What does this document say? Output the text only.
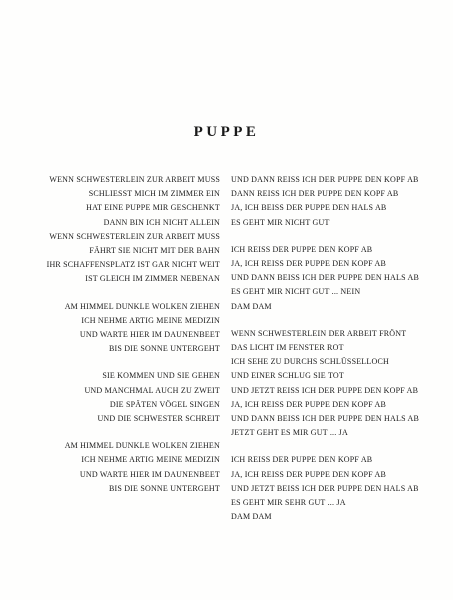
PUPPE
WENN SCHWESTERLEIN ZUR ARBEIT MUSS
SCHLIESST MICH IM ZIMMER EIN
HAT EINE PUPPE MIR GESCHENKT
DANN BIN ICH NICHT ALLEIN
WENN SCHWESTERLEIN ZUR ARBEIT MUSS
FÄHRT SIE NICHT MIT DER BAHN
IHR SCHAFFENSPLATZ IST GAR NICHT WEIT
IST GLEICH IM ZIMMER NEBENAN
AM HIMMEL DUNKLE WOLKEN ZIEHEN
ICH NEHME ARTIG MEINE MEDIZIN
UND WARTE HIER IM DAUNENBEET
BIS DIE SONNE UNTERGEHT
SIE KOMMEN UND SIE GEHEN
UND MANCHMAL AUCH ZU ZWEIT
DIE SPÄTEN VÖGEL SINGEN
UND DIE SCHWESTER SCHREIT
AM HIMMEL DUNKLE WOLKEN ZIEHEN
ICH NEHME ARTIG MEINE MEDIZIN
UND WARTE HIER IM DAUNENBEET
BIS DIE SONNE UNTERGEHT
UND DANN REISS ICH DER PUPPE DEN KOPF AB
DANN REISS ICH DER PUPPE DEN KOPF AB
JA, ICH BEISS DER PUPPE DEN HALS AB
ES GEHT MIR NICHT GUT
ICH REISS DER PUPPE DEN KOPF AB
JA, ICH REISS DER PUPPE DEN KOPF AB
UND DANN BEISS ICH DER PUPPE DEN HALS AB
ES GEHT MIR NICHT GUT ... NEIN
DAM DAM
WENN SCHWESTERLEIN DER ARBEIT FRÖNT
DAS LICHT IM FENSTER ROT
ICH SEHE ZU DURCHS SCHLÜSSELLOCH
UND EINER SCHLUG SIE TOT
UND JETZT REISS ICH DER PUPPE DEN KOPF AB
JA, ICH REISS DER PUPPE DEN KOPF AB
UND DANN BEISS ICH DER PUPPE DEN HALS AB
JETZT GEHT ES MIR GUT ... JA
ICH REISS DER PUPPE DEN KOPF AB
JA, ICH REISS DER PUPPE DEN KOPF AB
UND JETZT BEISS ICH DER PUPPE DEN HALS AB
ES GEHT MIR SEHR GUT ... JA
DAM DAM
